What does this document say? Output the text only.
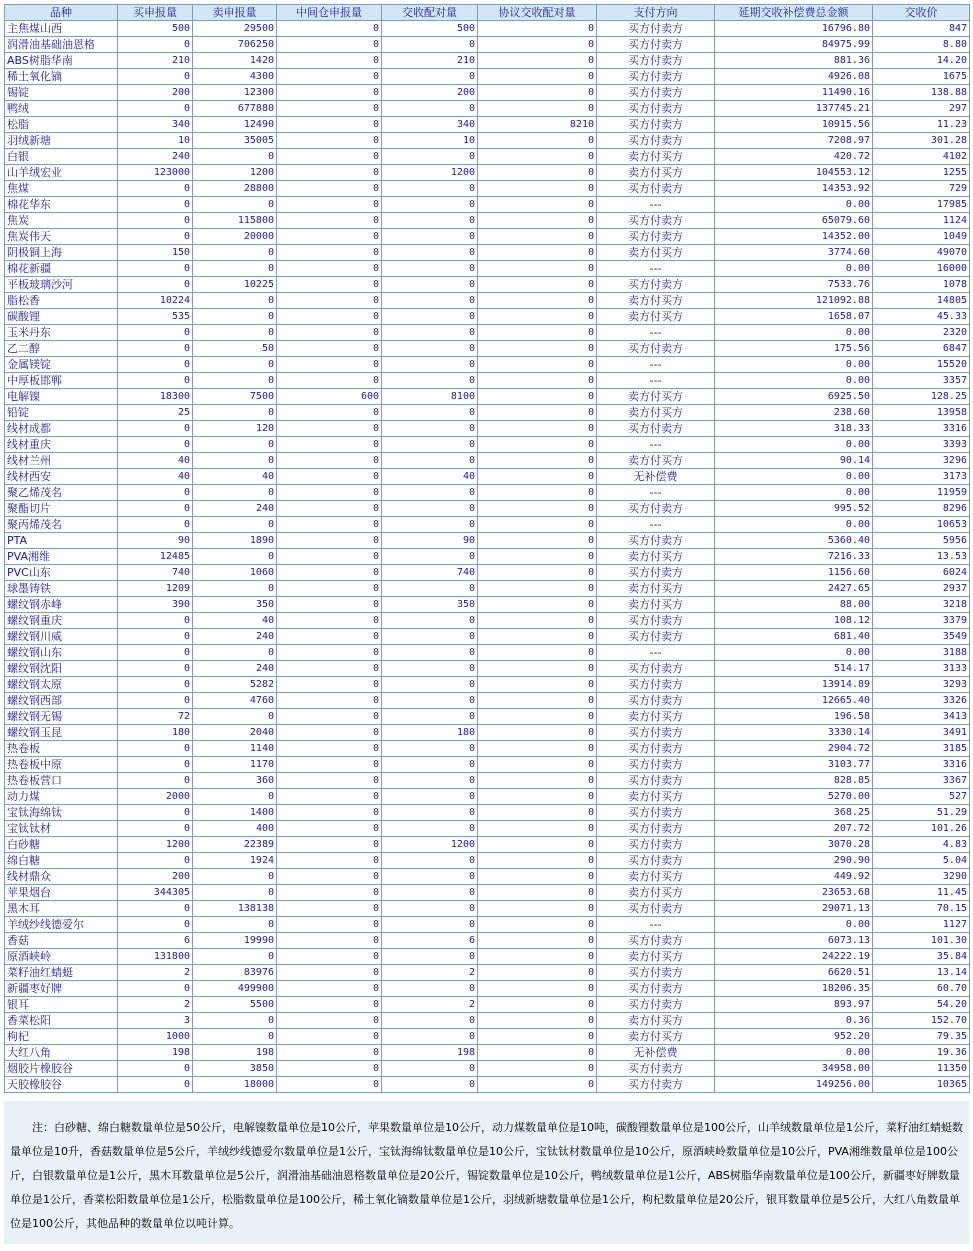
品种	买申报量	卖申报量	中间仓申报量	交收配对量	协议交收配对量	支付方向	延期交收补偿费总金额	交收价
主焦煤山西	500	29500	0	500	0	买方付卖方	16796.80	847
润滑油基础油恩格	0	706250	0	0	0	买方付卖方	84975.99	8.80
ABS树脂华南	210	1420	0	210	0	买方付卖方	881.36	14.20
稀土氧化镝	0	4300	0	0	0	买方付卖方	4926.08	1675
锡锭	200	12300	0	200	0	买方付卖方	11490.16	138.88
鸭绒	0	677880	0	0	0	买方付卖方	137745.21	297
松脂	340	12490	0	340	8210	买方付卖方	10915.56	11.23
羽绒新塘	10	35005	0	10	0	买方付卖方	7208.97	301.28
白银	240	0	0	0	0	卖方付买方	420.72	4102
山羊绒宏业	123000	1200	0	1200	0	卖方付买方	104553.12	1255
焦煤	0	28800	0	0	0	买方付卖方	14353.92	729
棉花华东	0	0	0	0	0	---	0.00	17985
焦炭	0	115800	0	0	0	买方付卖方	65079.60	1124
焦炭伟天	0	20000	0	0	0	买方付卖方	14352.00	1049
阴极铜上海	150	0	0	0	0	卖方付买方	3774.60	49070
棉花新疆	0	0	0	0	0	---	0.00	16000
平板玻璃沙河	0	10225	0	0	0	买方付卖方	7533.76	1078
脂松香	10224	0	0	0	0	卖方付买方	121092.88	14805
碳酸锂	535	0	0	0	0	卖方付买方	1658.07	45.33
玉米丹东	0	0	0	0	0	---	0.00	2320
乙二醇	0	50	0	0	0	买方付卖方	175.56	6847
金属镁锭	0	0	0	0	0	---	0.00	15520
中厚板邯郸	0	0	0	0	0	---	0.00	3357
电解镍	18300	7500	600	8100	0	卖方付买方	6925.50	128.25
铅锭	25	0	0	0	0	卖方付买方	238.60	13958
线材成都	0	120	0	0	0	买方付卖方	318.33	3316
线材重庆	0	0	0	0	0	---	0.00	3393
线材兰州	40	0	0	0	0	卖方付买方	90.14	3296
线材西安	40	40	0	40	0	无补偿费	0.00	3173
聚乙烯茂名	0	0	0	0	0	---	0.00	11959
聚酯切片	0	240	0	0	0	买方付卖方	995.52	8296
聚丙烯茂名	0	0	0	0	0	---	0.00	10653
PTA	90	1890	0	90	0	买方付卖方	5360.40	5956
PVA湘维	12485	0	0	0	0	卖方付买方	7216.33	13.53
PVC山东	740	1060	0	740	0	买方付卖方	1156.60	6024
球墨铸铁	1209	0	0	0	0	卖方付买方	2427.65	2937
螺纹钢赤峰	390	350	0	350	0	卖方付买方	88.00	3218
螺纹钢重庆	0	40	0	0	0	买方付卖方	108.12	3379
螺纹钢川威	0	240	0	0	0	买方付卖方	681.40	3549
螺纹钢山东	0	0	0	0	0	---	0.00	3188
螺纹钢沈阳	0	240	0	0	0	买方付卖方	514.17	3133
螺纹钢太原	0	5282	0	0	0	买方付卖方	13914.89	3293
螺纹钢西部	0	4760	0	0	0	买方付卖方	12665.40	3326
螺纹钢无锡	72	0	0	0	0	卖方付买方	196.58	3413
螺纹钢玉昆	180	2040	0	180	0	买方付卖方	3330.14	3491
热卷板	0	1140	0	0	0	买方付卖方	2904.72	3185
热卷板中原	0	1170	0	0	0	买方付卖方	3103.77	3316
热卷板营口	0	360	0	0	0	买方付卖方	828.85	3367
动力煤	2000	0	0	0	0	卖方付买方	5270.00	527
宝钛海绵钛	0	1400	0	0	0	买方付卖方	368.25	51.29
宝钛钛材	0	400	0	0	0	买方付卖方	207.72	101.26
白砂糖	1200	22389	0	1200	0	买方付卖方	3070.28	4.83
绵白糖	0	1924	0	0	0	买方付卖方	290.90	5.04
线材鼎众	200	0	0	0	0	卖方付买方	449.92	3290
苹果烟台	344305	0	0	0	0	卖方付买方	23653.68	11.45
黑木耳	0	138138	0	0	0	买方付卖方	29071.13	70.15
羊绒纱线德爱尔	0	0	0	0	0	---	0.00	1127
香菇	6	19990	0	6	0	买方付卖方	6073.13	101.30
原酒峡岭	131800	0	0	0	0	卖方付买方	24222.19	35.84
菜籽油红蜻蜓	2	83976	0	2	0	买方付卖方	6620.51	13.14
新疆枣好牌	0	499900	0	0	0	买方付卖方	18206.35	60.70
银耳	2	5500	0	2	0	买方付卖方	893.97	54.20
香菜松阳	3	0	0	0	0	卖方付买方	0.36	152.70
枸杞	1000	0	0	0	0	卖方付买方	952.20	79.35
大红八角	198	198	0	198	0	无补偿费	0.00	19.36
烟胶片橡胶谷	0	3850	0	0	0	买方付卖方	34958.00	11350
天胶橡胶谷	0	18000	0	0	0	买方付卖方	149256.00	10365
注：白砂糖、绵白糖数量单位是50公斤，电解镍数量单位是10公斤，苹果数量单位是10公斤，动力煤数量单位是10吨，碳酸锂数量单位是100公斤，山羊绒数量单位是1公斤，菜籽油红蜻蜓数量单位是10升，香菇数量单位是5公斤，羊绒纱线德爱尔数量单位是1公斤，宝钛海绵钛数量单位是10公斤，宝钛钛材数量单位是10公斤，原酒峡岭数量单位是10公斤，PVA湘维数量单位是100公斤，白银数量单位是1公斤，黑木耳数量单位是5公斤，润滑油基础油恩格数量单位是20公斤，锡锭数量单位是10公斤，鸭绒数量单位是1公斤，ABS树脂华南数量单位是100公斤，新疆枣好牌数量单位是1公斤，香菜松阳数量单位是1公斤，松脂数量单位是100公斤，稀土氧化镝数量单位是1公斤，羽绒新塘数量单位是1公斤，枸杞数量单位是20公斤，银耳数量单位是5公斤，大红八角数量单位是100公斤，其他品种的数量单位以吨计算。
